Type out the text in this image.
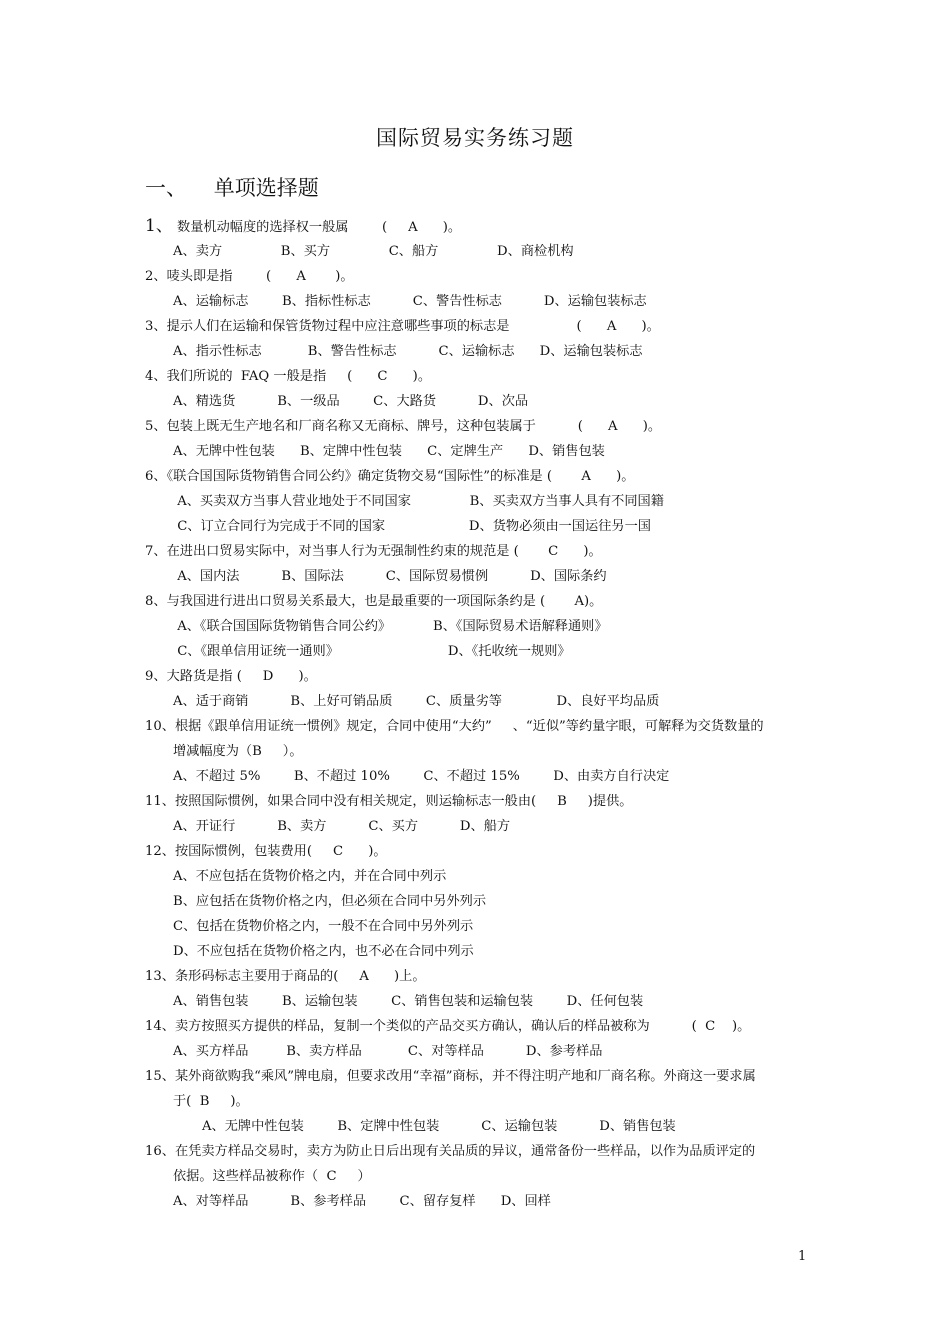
国际贸易实务练习题
一、    单项选择题
1、 数量机动幅度的选择权一般属        (     A      )。
A、卖方              B、买方              C、船方              D、商检机构
2、唛头即是指        (      A       )。
A、运输标志        B、指标性标志          C、警告性标志          D、运输包装标志
3、提示人们在运输和保管货物过程中应注意哪些事项的标志是                (      A      )。
A、指示性标志           B、警告性标志          C、运输标志      D、运输包装标志
4、我们所说的  FAQ 一般是指     (      C      )。
A、精选货          B、一级品        C、大路货          D、次品
5、包装上既无生产地名和厂商名称又无商标、牌号，这种包装属于          (      A      )。
A、无牌中性包装      B、定牌中性包装      C、定牌生产      D、销售包装
6、《联合国国际货物销售合同公约》确定货物交易“国际性”的标准是 (       A      )。
A、买卖双方当事人营业地处于不同国家              B、买卖双方当事人具有不同国籍
C、订立合同行为完成于不同的国家                    D、货物必须由一国运往另一国
7、在进出口贸易实际中，对当事人行为无强制性约束的规范是 (       C      )。
A、国内法          B、国际法          C、国际贸易惯例          D、国际条约
8、与我国进行进出口贸易关系最大，也是最重要的一项国际条约是 (       A)。
A、《联合国国际货物销售合同公约》          B、《国际贸易术语解释通则》
C、《跟单信用证统一通则》                          D、《托收统一规则》
9、大路货是指 (     D      )。
A、适于商销          B、上好可销品质        C、质量劣等             D、良好平均品质
10、根据《跟单信用证统一惯例》规定，合同中使用“大约”     、“近似”等约量字眼，可解释为交货数量的
增减幅度为（B     ）。
A、不超过 5%        B、不超过 10%        C、不超过 15%        D、由卖方自行决定
11、按照国际惯例，如果合同中没有相关规定，则运输标志一般由(     B     )提供。
A、开证行          B、卖方          C、买方          D、船方
12、按国际惯例，包装费用(     C      )。
A、不应包括在货物价格之内，并在合同中列示
B、应包括在货物价格之内，但必须在合同中另外列示
C、包括在货物价格之内，一般不在合同中另外列示
D、不应包括在货物价格之内，也不必在合同中列示
13、条形码标志主要用于商品的(     A      )上。
A、销售包装        B、运输包装        C、销售包装和运输包装        D、任何包装
14、卖方按照买方提供的样品，复制一个类似的产品交买方确认，确认后的样品被称为          (  C    )。
A、买方样品         B、卖方样品           C、对等样品          D、参考样品
15、某外商欲购我“乘风”牌电扇，但要求改用“幸福”商标，并不得注明产地和厂商名称。外商这一要求属
于(  B     )。
A、无牌中性包装        B、定牌中性包装          C、运输包装          D、销售包装
16、在凭卖方样品交易时，卖方为防止日后出现有关品质的异议，通常备份一些样品，以作为品质评定的
依据。这些样品被称作（  C     ）
A、对等样品          B、参考样品        C、留存复样      D、回样
1
